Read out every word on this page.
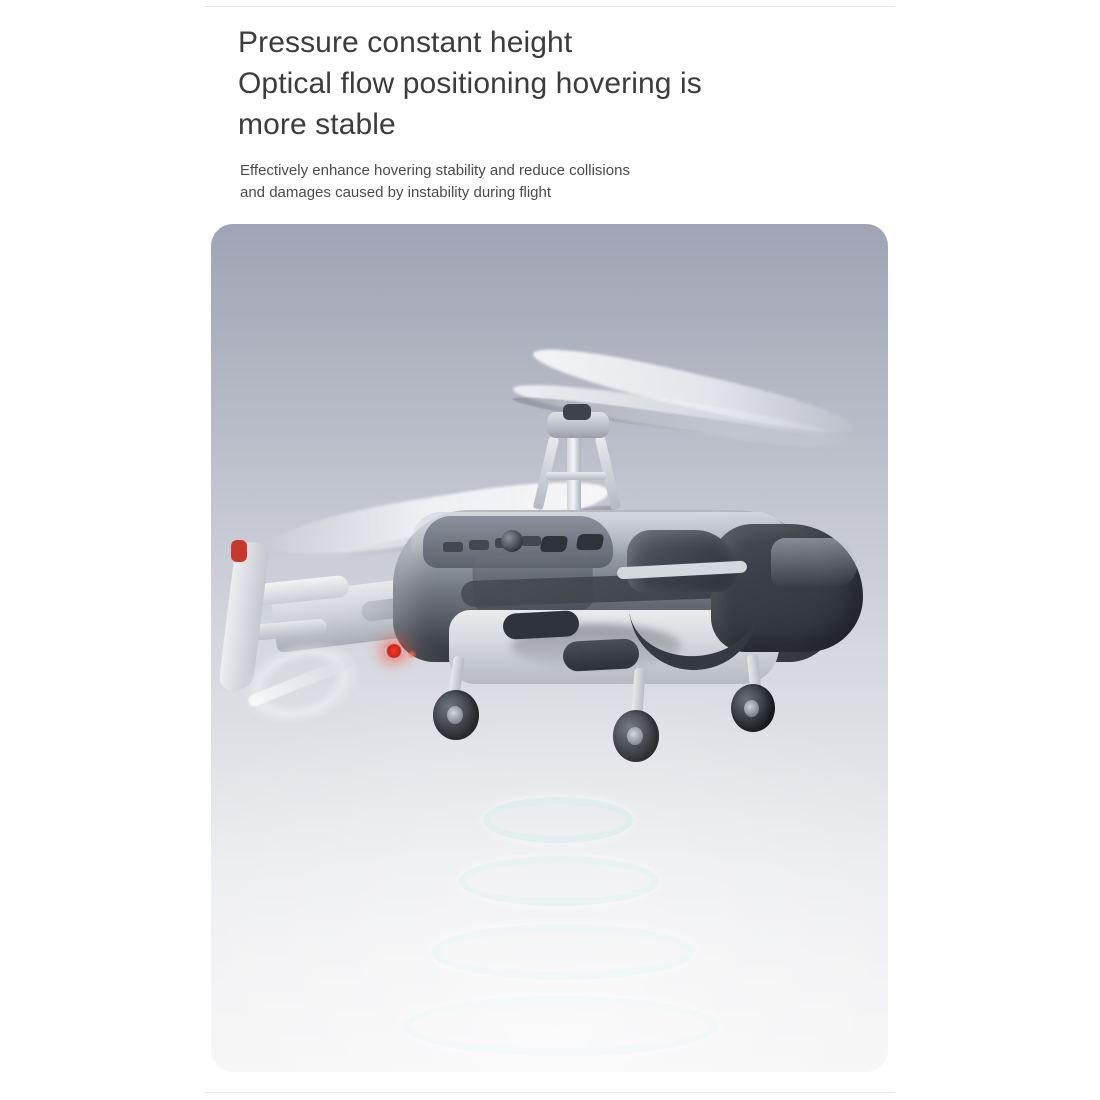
Pressure constant height
Optical flow positioning hovering is
more stable
Effectively enhance hovering stability and reduce collisions
and damages caused by instability during flight
